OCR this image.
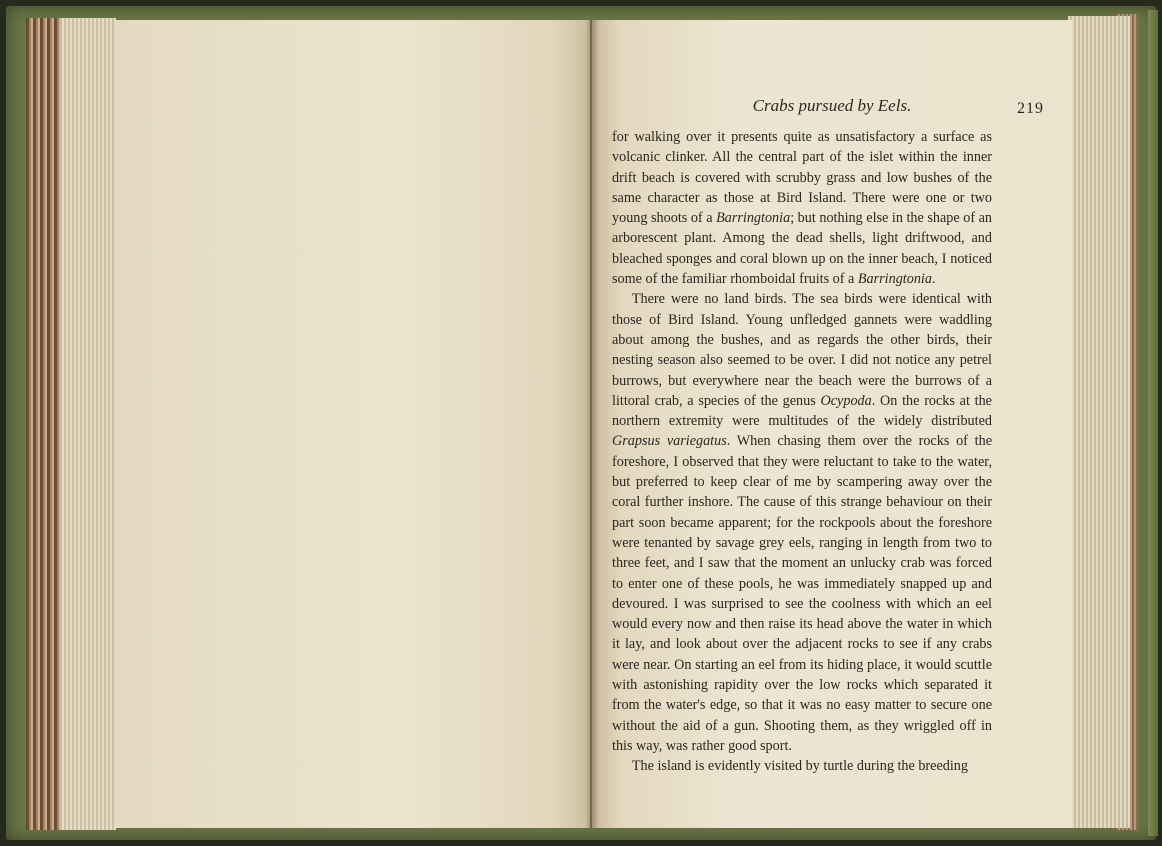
Crabs pursued by Eels.	219

for walking over it presents quite as unsatisfactory a surface as volcanic clinker. All the central part of the islet within the inner drift beach is covered with scrubby grass and low bushes of the same character as those at Bird Island. There were one or two young shoots of a Barringtonia; but nothing else in the shape of an arborescent plant. Among the dead shells, light driftwood, and bleached sponges and coral blown up on the inner beach, I noticed some of the familiar rhomboidal fruits of a Barringtonia.

There were no land birds. The sea birds were identical with those of Bird Island. Young unfledged gannets were waddling about among the bushes, and as regards the other birds, their nesting season also seemed to be over. I did not notice any petrel burrows, but everywhere near the beach were the burrows of a littoral crab, a species of the genus Ocypoda. On the rocks at the northern extremity were multitudes of the widely distributed Grapsus variegatus. When chasing them over the rocks of the foreshore, I observed that they were reluctant to take to the water, but preferred to keep clear of me by scampering away over the coral further inshore. The cause of this strange behaviour on their part soon became apparent; for the rockpools about the foreshore were tenanted by savage grey eels, ranging in length from two to three feet, and I saw that the moment an unlucky crab was forced to enter one of these pools, he was immediately snapped up and devoured. I was surprised to see the coolness with which an eel would every now and then raise its head above the water in which it lay, and look about over the adjacent rocks to see if any crabs were near. On starting an eel from its hiding place, it would scuttle with astonishing rapidity over the low rocks which separated it from the water's edge, so that it was no easy matter to secure one without the aid of a gun. Shooting them, as they wriggled off in this way, was rather good sport.

The island is evidently visited by turtle during the breeding
